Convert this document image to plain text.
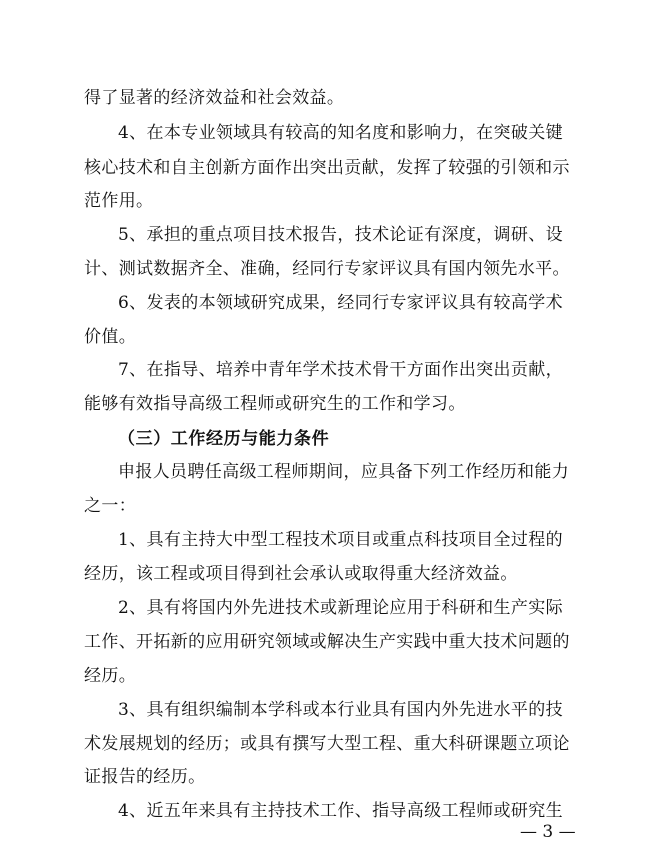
得了显著的经济效益和社会效益。
4、在本专业领域具有较高的知名度和影响力，在突破关键
核心技术和自主创新方面作出突出贡献，发挥了较强的引领和示
范作用。
5、承担的重点项目技术报告，技术论证有深度，调研、设
计、测试数据齐全、准确，经同行专家评议具有国内领先水平。
6、发表的本领域研究成果，经同行专家评议具有较高学术
价值。
7、在指导、培养中青年学术技术骨干方面作出突出贡献，
能够有效指导高级工程师或研究生的工作和学习。
（三）工作经历与能力条件
申报人员聘任高级工程师期间，应具备下列工作经历和能力
之一：
1、具有主持大中型工程技术项目或重点科技项目全过程的
经历，该工程或项目得到社会承认或取得重大经济效益。
2、具有将国内外先进技术或新理论应用于科研和生产实际
工作、开拓新的应用研究领域或解决生产实践中重大技术问题的
经历。
3、具有组织编制本学科或本行业具有国内外先进水平的技
术发展规划的经历；或具有撰写大型工程、重大科研课题立项论
证报告的经历。
4、近五年来具有主持技术工作、指导高级工程师或研究生
— 3 —
